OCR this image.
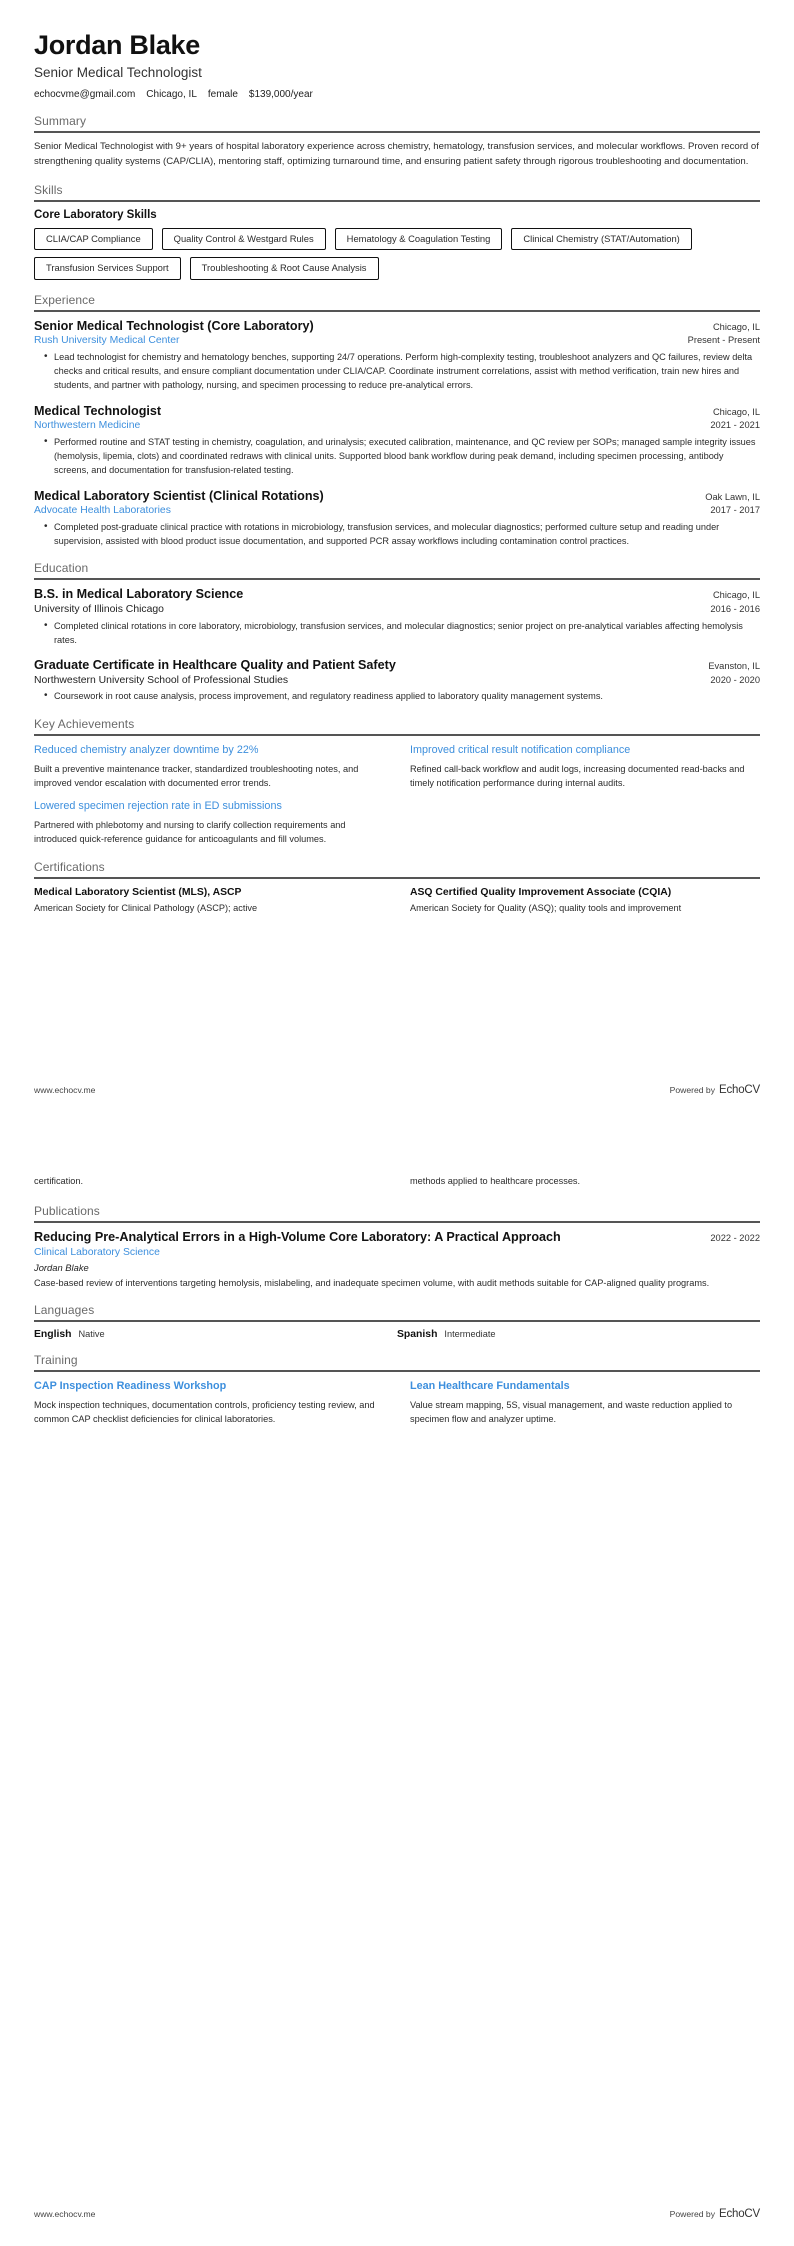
Jordan Blake
Senior Medical Technologist
echocvme@gmail.com Chicago, IL female $139,000/year
Summary

Senior Medical Technologist with 9+ years of hospital laboratory experience across chemistry, hematology, transfusion services, and molecular workflows. Proven record of strengthening quality systems (CAP/CLIA), mentoring staff, optimizing turnaround time, and ensuring patient safety through rigorous troubleshooting and documentation.

Skills
Core Laboratory Skills
CLIA/CAP Compliance	Quality Control & Westgard Rules	Hematology & Coagulation Testing	Clinical Chemistry (STAT/Automation)
Transfusion Services Support	Troubleshooting & Root Cause Analysis
Experience
Senior Medical Technologist (Core Laboratory)	Chicago, IL
Rush University Medical Center	Present - Present
• Lead technologist for chemistry and hematology benches, supporting 24/7 operations. Perform high-complexity testing, troubleshoot analyzers and QC failures, review delta checks and critical results, and ensure compliant documentation under CLIA/CAP. Coordinate instrument correlations, assist with method verification, train new hires and students, and partner with pathology, nursing, and specimen processing to reduce pre-analytical errors.
Medical Technologist	Chicago, IL
Northwestern Medicine	2021 - 2021
• Performed routine and STAT testing in chemistry, coagulation, and urinalysis; executed calibration, maintenance, and QC review per SOPs; managed sample integrity issues (hemolysis, lipemia, clots) and coordinated redraws with clinical units. Supported blood bank workflow during peak demand, including specimen processing, antibody screens, and documentation for transfusion-related testing.
Medical Laboratory Scientist (Clinical Rotations)	Oak Lawn, IL
Advocate Health Laboratories	2017 - 2017
• Completed post-graduate clinical practice with rotations in microbiology, transfusion services, and molecular diagnostics; performed culture setup and reading under supervision, assisted with blood product issue documentation, and supported PCR assay workflows including contamination control practices.
Education
B.S. in Medical Laboratory Science	Chicago, IL
University of Illinois Chicago	2016 - 2016
• Completed clinical rotations in core laboratory, microbiology, transfusion services, and molecular diagnostics; senior project on pre-analytical variables affecting hemolysis rates.
Graduate Certificate in Healthcare Quality and Patient Safety	Evanston, IL
Northwestern University School of Professional Studies	2020 - 2020
• Coursework in root cause analysis, process improvement, and regulatory readiness applied to laboratory quality management systems.
Key Achievements
Reduced chemistry analyzer downtime by 22%

Built a preventive maintenance tracker, standardized troubleshooting notes, and improved vendor escalation with documented error trends.

Improved critical result notification compliance

Refined call-back workflow and audit logs, increasing documented read-backs and timely notification performance during internal audits.

Lowered specimen rejection rate in ED submissions

Partnered with phlebotomy and nursing to clarify collection requirements and introduced quick-reference guidance for anticoagulants and fill volumes.

Certifications
Medical Laboratory Scientist (MLS), ASCP

American Society for Clinical Pathology (ASCP); active

ASQ Certified Quality Improvement Associate (CQIA)

American Society for Quality (ASQ); quality tools and improvement

www.echocv.me	Powered by EchoCV

certification.	methods applied to healthcare processes.

Publications
Reducing Pre-Analytical Errors in a High-Volume Core Laboratory: A Practical Approach	2022 - 2022
Clinical Laboratory Science
Jordan Blake

Case-based review of interventions targeting hemolysis, mislabeling, and inadequate specimen volume, with audit methods suitable for CAP-aligned quality programs.

Languages
English Native	Spanish Intermediate
Training
CAP Inspection Readiness Workshop

Mock inspection techniques, documentation controls, proficiency testing review, and common CAP checklist deficiencies for clinical laboratories.

Lean Healthcare Fundamentals

Value stream mapping, 5S, visual management, and waste reduction applied to specimen flow and analyzer uptime.

www.echocv.me	Powered by EchoCV
